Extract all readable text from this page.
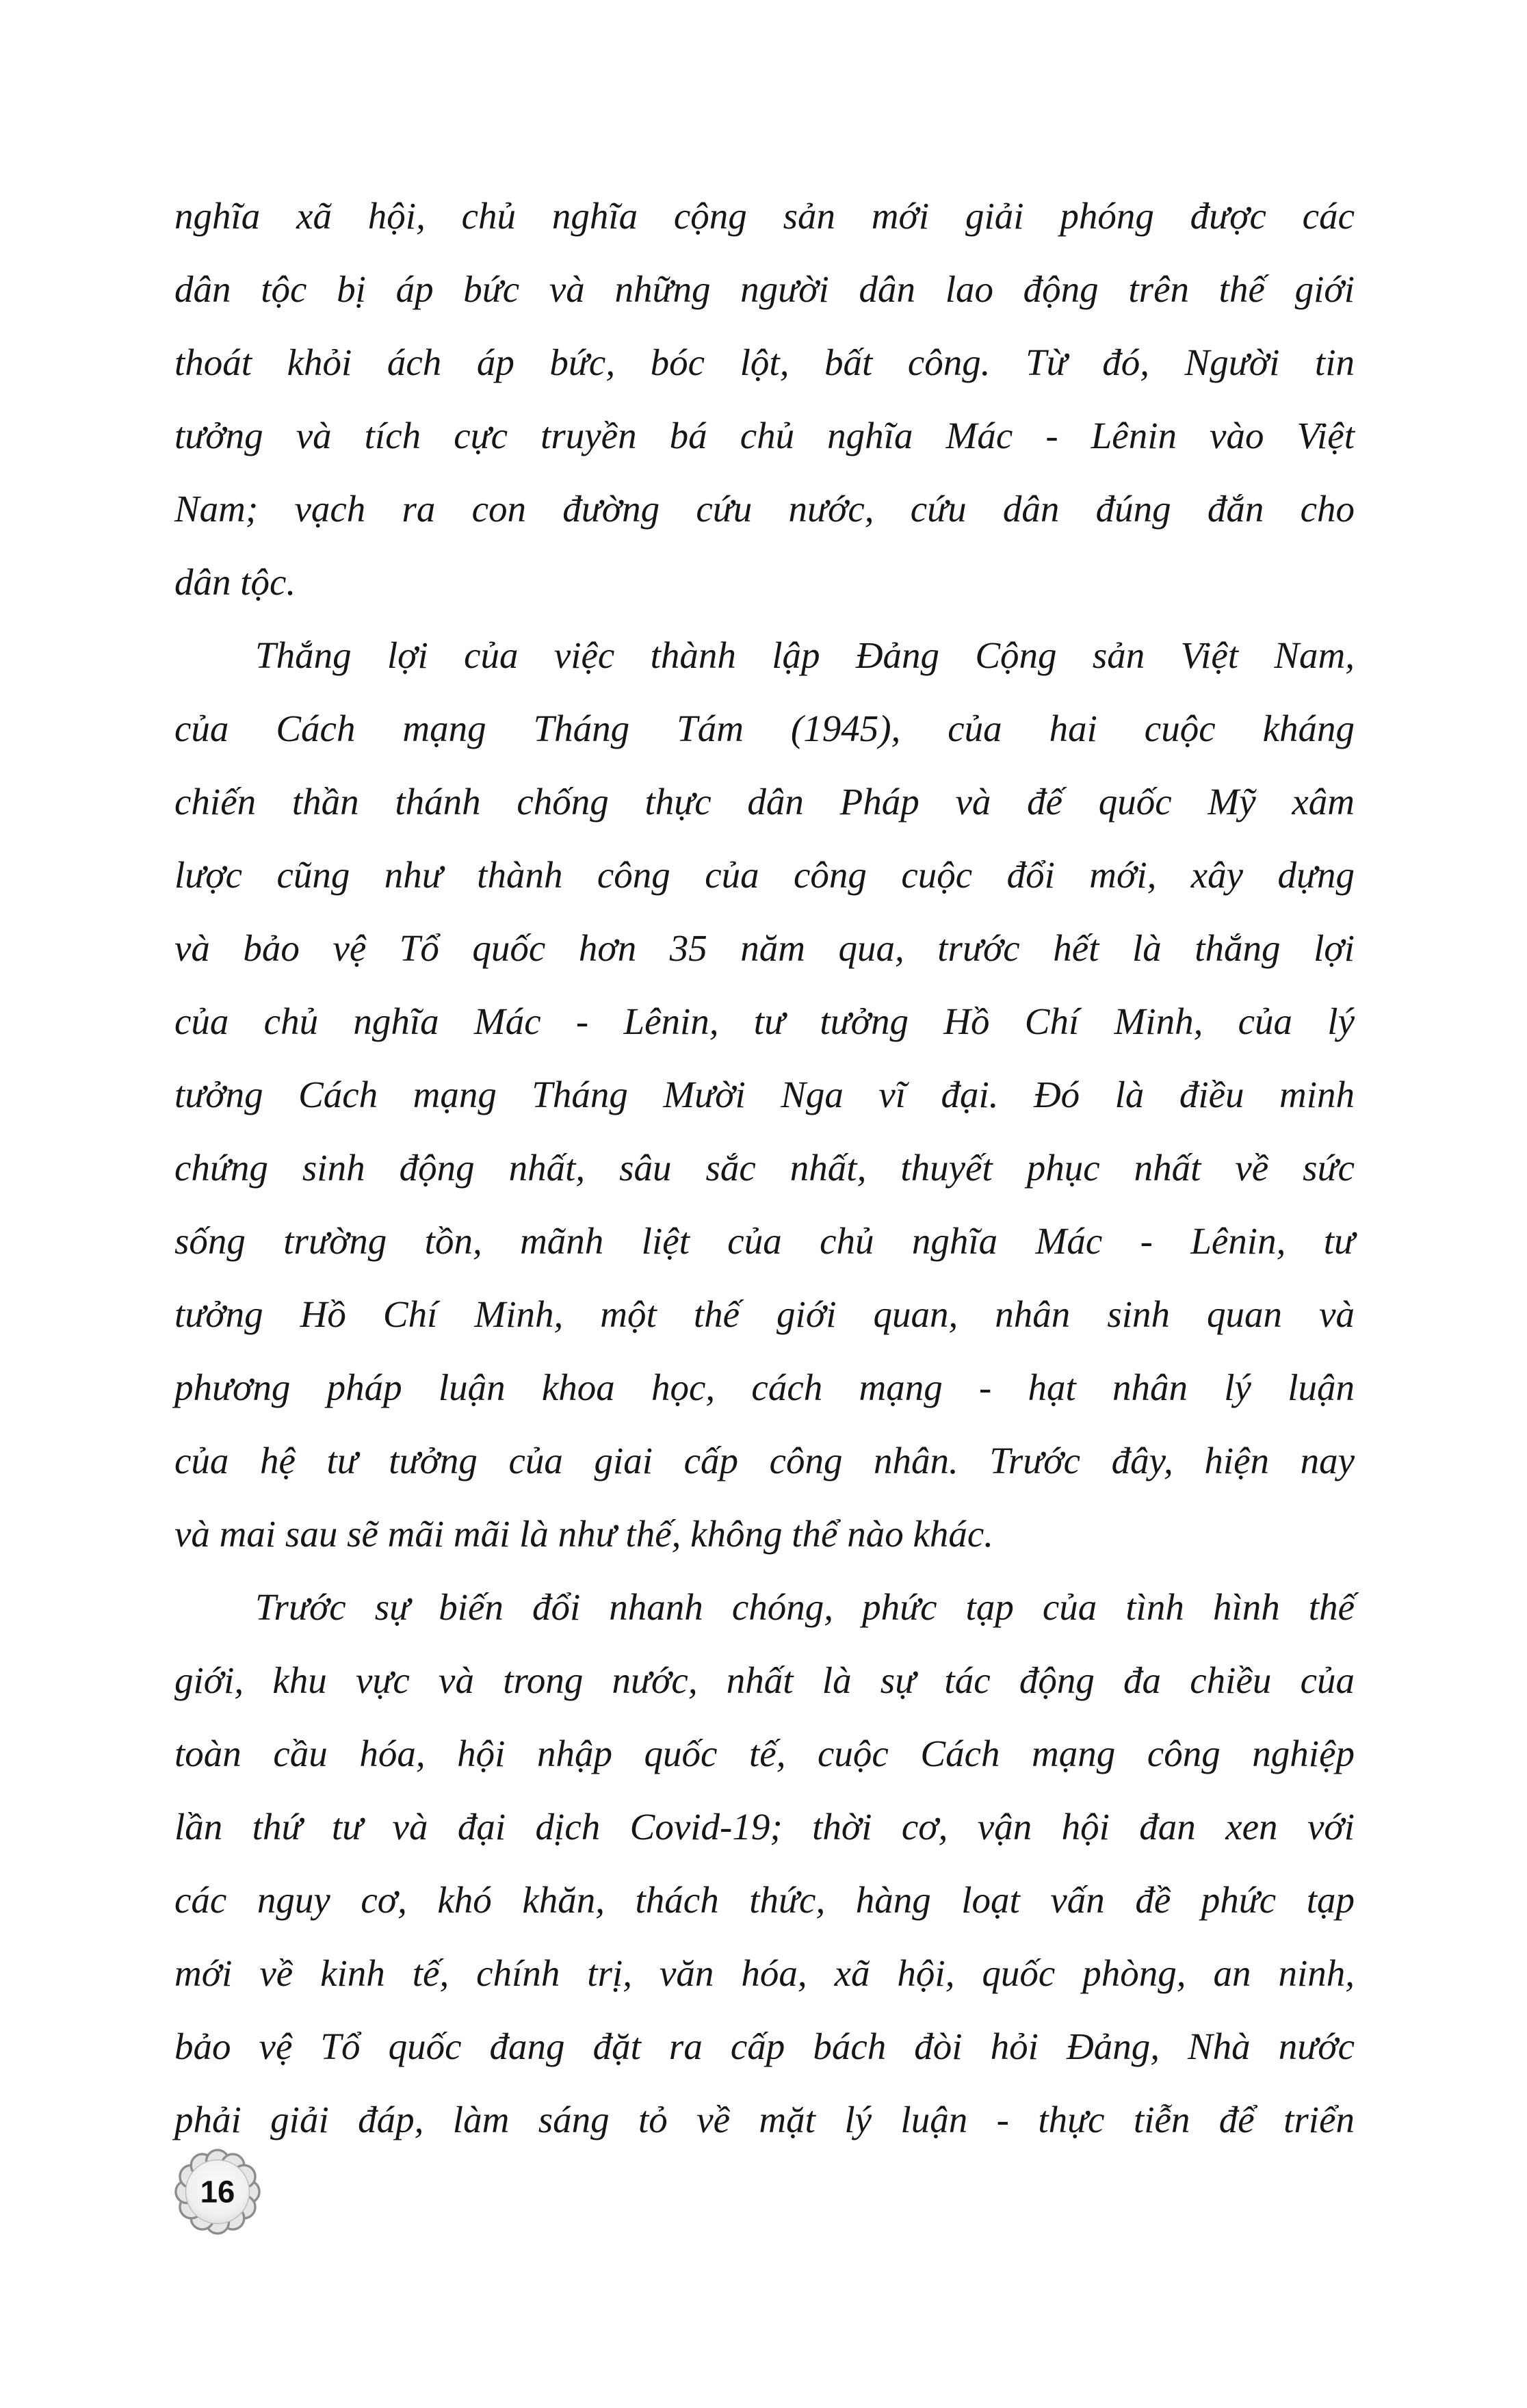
nghĩa xã hội, chủ nghĩa cộng sản mới giải phóng được các
dân tộc bị áp bức và những người dân lao động trên thế giới
thoát khỏi ách áp bức, bóc lột, bất công. Từ đó, Người tin
tưởng và tích cực truyền bá chủ nghĩa Mác - Lênin vào Việt
Nam; vạch ra con đường cứu nước, cứu dân đúng đắn cho
dân tộc.
Thắng lợi của việc thành lập Đảng Cộng sản Việt Nam,
của Cách mạng Tháng Tám (1945), của hai cuộc kháng
chiến thần thánh chống thực dân Pháp và đế quốc Mỹ xâm
lược cũng như thành công của công cuộc đổi mới, xây dựng
và bảo vệ Tổ quốc hơn 35 năm qua, trước hết là thắng lợi
của chủ nghĩa Mác - Lênin, tư tưởng Hồ Chí Minh, của lý
tưởng Cách mạng Tháng Mười Nga vĩ đại. Đó là điều minh
chứng sinh động nhất, sâu sắc nhất, thuyết phục nhất về sức
sống trường tồn, mãnh liệt của chủ nghĩa Mác - Lênin, tư
tưởng Hồ Chí Minh, một thế giới quan, nhân sinh quan và
phương pháp luận khoa học, cách mạng - hạt nhân lý luận
của hệ tư tưởng của giai cấp công nhân. Trước đây, hiện nay
và mai sau sẽ mãi mãi là như thế, không thể nào khác.
Trước sự biến đổi nhanh chóng, phức tạp của tình hình thế
giới, khu vực và trong nước, nhất là sự tác động đa chiều của
toàn cầu hóa, hội nhập quốc tế, cuộc Cách mạng công nghiệp
lần thứ tư và đại dịch Covid-19; thời cơ, vận hội đan xen với
các nguy cơ, khó khăn, thách thức, hàng loạt vấn đề phức tạp
mới về kinh tế, chính trị, văn hóa, xã hội, quốc phòng, an ninh,
bảo vệ Tổ quốc đang đặt ra cấp bách đòi hỏi Đảng, Nhà nước
phải giải đáp, làm sáng tỏ về mặt lý luận - thực tiễn để triển
16
